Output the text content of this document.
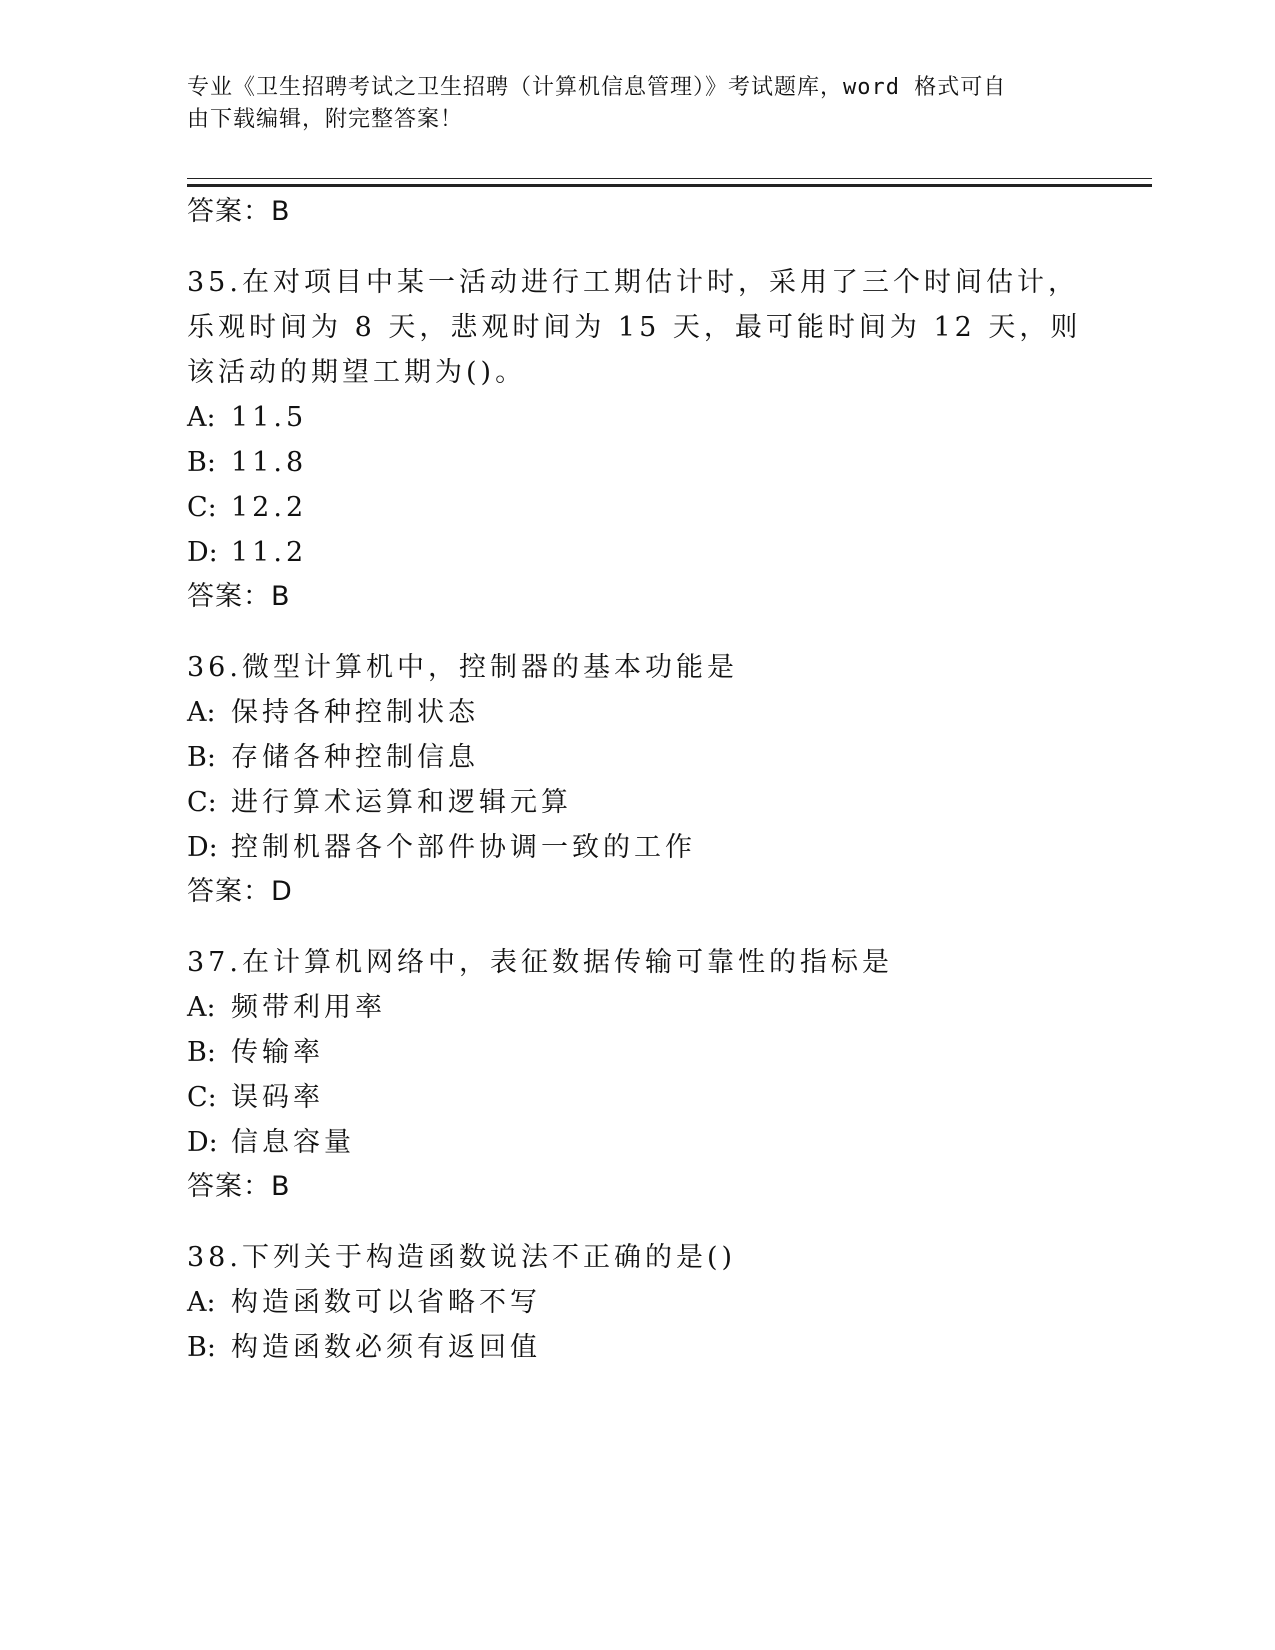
专业《卫生招聘考试之卫生招聘（计算机信息管理）》考试题库，word 格式可自
由下载编辑，附完整答案！
答案：B
35.在对项目中某一活动进行工期估计时，采用了三个时间估计，乐观时间为 8 天，悲观时间为 15 天，最可能时间为 12 天，则该活动的期望工期为()。
A: 11.5
B: 11.8
C: 12.2
D: 11.2
答案：B
36.微型计算机中，控制器的基本功能是
A: 保持各种控制状态
B: 存储各种控制信息
C: 进行算术运算和逻辑元算
D: 控制机器各个部件协调一致的工作
答案：D
37.在计算机网络中，表征数据传输可靠性的指标是
A: 频带利用率
B: 传输率
C: 误码率
D: 信息容量
答案：B
38.下列关于构造函数说法不正确的是()
A: 构造函数可以省略不写
B: 构造函数必须有返回值
